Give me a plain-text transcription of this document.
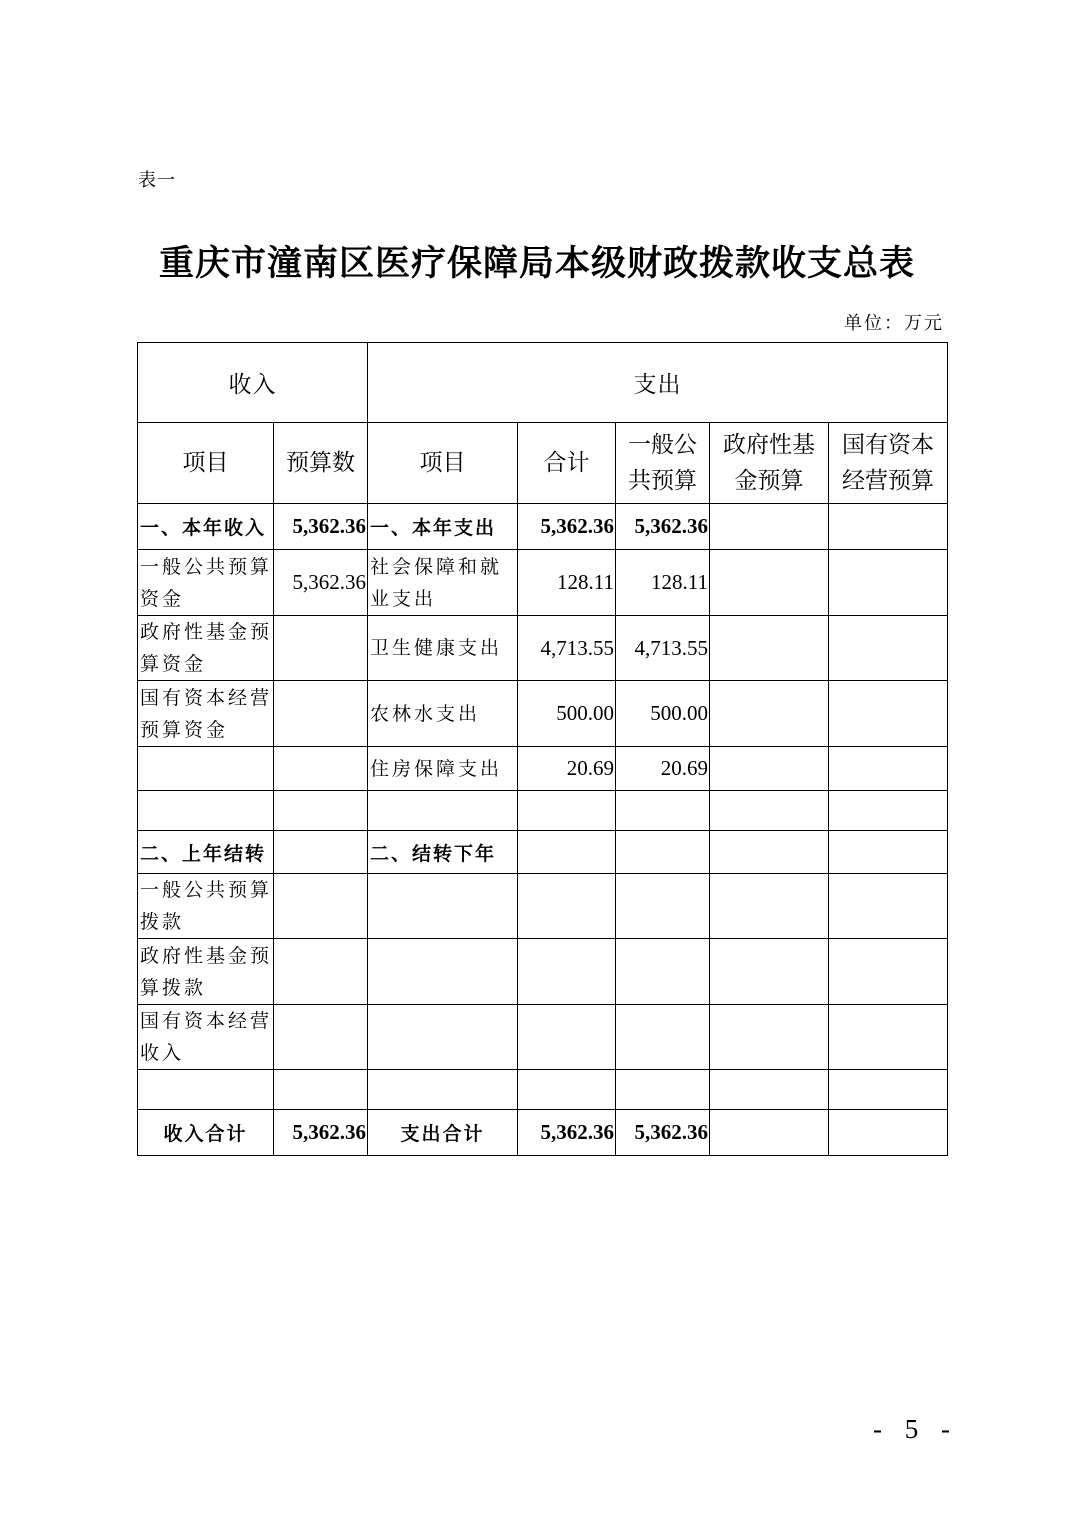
表一
重庆市潼南区医疗保障局本级财政拨款收支总表
单位：万元
收入		支出				
项目	预算数	项目	合计	一般公共预算	政府性基金预算	国有资本经营预算
一、本年收入	5,362.36	一、本年支出	5,362.36	5,362.36		
一般公共预算资金	5,362.36	社会保障和就业支出	128.11	128.11		
政府性基金预算资金		卫生健康支出	4,713.55	4,713.55		
国有资本经营预算资金		农林水支出	500.00	500.00		
		住房保障支出	20.69	20.69		

二、上年结转		二、结转下年				
一般公共预算拨款						
政府性基金预算拨款						
国有资本经营收入						

收入合计	5,362.36	支出合计	5,362.36	5,362.36		
- 5 -
